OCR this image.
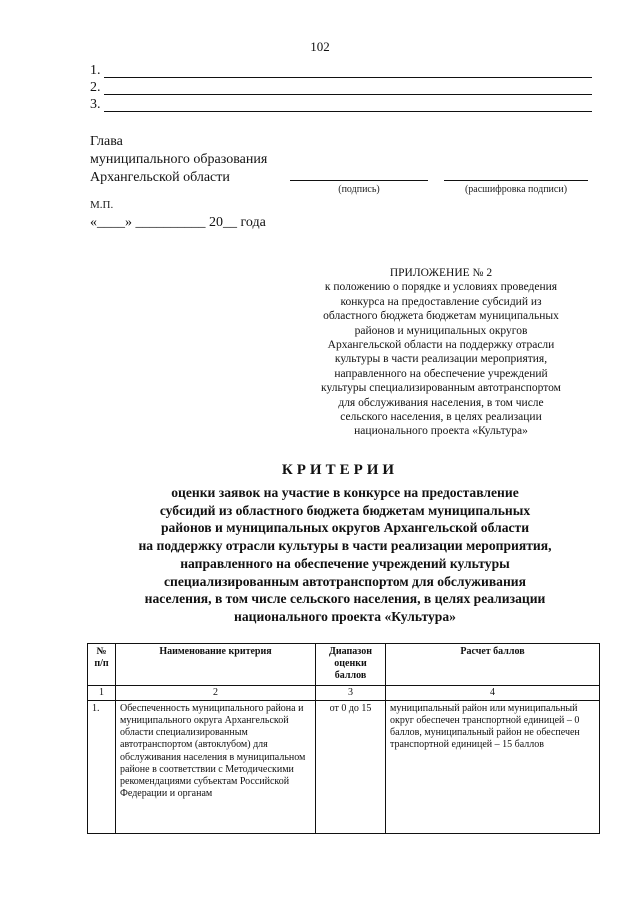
102
1.
2.
3.
Глава
муниципального образования
Архангельской области
(подпись)	(расшифровка подписи)
М.П.
«____» __________ 20__ года
ПРИЛОЖЕНИЕ № 2
к положению о порядке и условиях проведения
конкурса на предоставление субсидий из
областного бюджета бюджетам муниципальных
районов и муниципальных округов
Архангельской области на поддержку отрасли
культуры в части реализации мероприятия,
направленного на обеспечение учреждений
культуры специализированным автотранспортом
для обслуживания населения, в том числе
сельского населения, в целях реализации
национального проекта «Культура»
КРИТЕРИИ
оценки заявок на участие в конкурсе на предоставление
субсидий из областного бюджета бюджетам муниципальных
районов и муниципальных округов Архангельской области
на поддержку отрасли культуры в части реализации мероприятия,
направленного на обеспечение учреждений культуры
специализированным автотранспортом для обслуживания
населения, в том числе сельского населения, в целях реализации
национального проекта «Культура»
№ п/п	Наименование критерия	Диапазон оценки баллов	Расчет баллов
1	2	3	4
1.	Обеспеченность муниципального района и муниципального округа Архангельской области специализированным автотранспортом (автоклубом) для обслуживания населения в муниципальном районе в соответствии с Методическими рекомендациями субъектам Российской Федерации и органам	от 0 до 15	муниципальный район или муниципальный округ обеспечен транспортной единицей – 0 баллов, муниципальный район не обеспечен транспортной единицей – 15 баллов
